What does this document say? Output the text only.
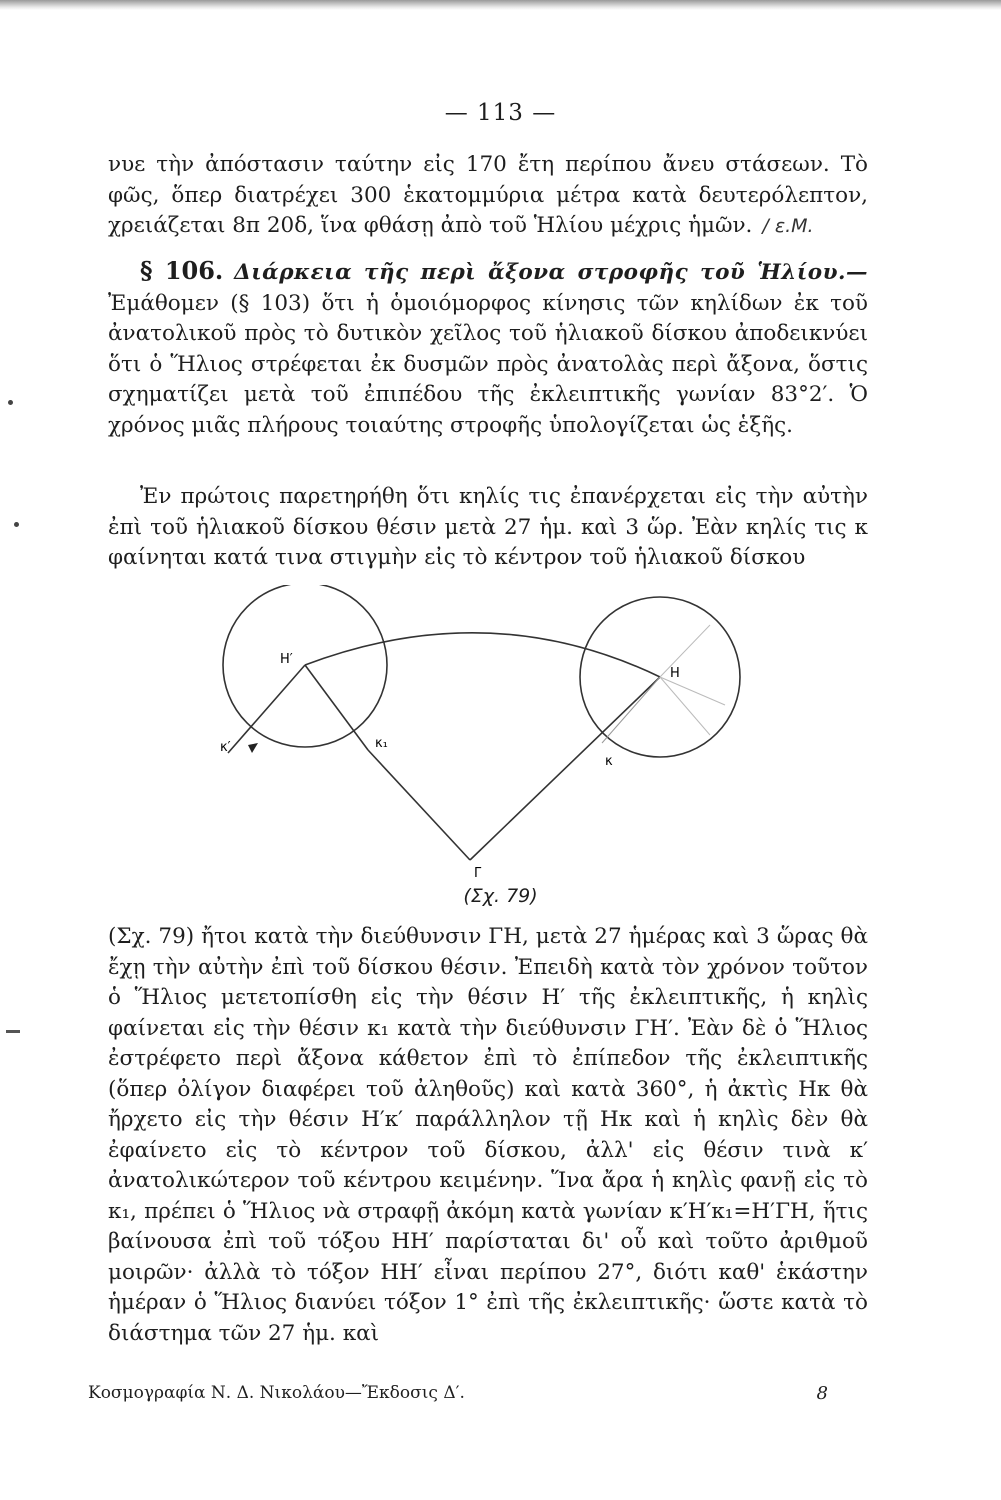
— 113 —

νυε τὴν ἀπόστασιν ταύτην εἰς 170 ἔτη περίπου ἄνευ στάσεων. Τὸ φῶς, ὅπερ διατρέχει 300 ἑκατομμύρια μέτρα κατὰ δευτερόλεπτον, χρειάζεται 8π 20δ, ἵνα φθάσῃ ἀπὸ τοῦ Ἡλίου μέχρις ἡμῶν. / ε.Μ.

§ 106. Διάρκεια τῆς περὶ ἄξονα στροφῆς τοῦ Ἡλίου.— Ἐμάθομεν (§ 103) ὅτι ἡ ὁμοιόμορφος κίνησις τῶν κηλίδων ἐκ τοῦ ἀνατολικοῦ πρὸς τὸ δυτικὸν χεῖλος τοῦ ἡλιακοῦ δίσκου ἀποδεικνύει ὅτι ὁ Ἥλιος στρέφεται ἐκ δυσμῶν πρὸς ἀνατολὰς περὶ ἄξονα, ὅστις σχηματίζει μετὰ τοῦ ἐπιπέδου τῆς ἐκλειπτικῆς γωνίαν 83°2′. Ὁ χρόνος μιᾶς πλήρους τοιαύτης στροφῆς ὑπολογίζεται ὡς ἑξῆς.

Ἐν πρώτοις παρετηρήθη ὅτι κηλίς τις ἐπανέρχεται εἰς τὴν αὐτὴν ἐπὶ τοῦ ἡλιακοῦ δίσκου θέσιν μετὰ 27 ἡμ. καὶ 3 ὥρ. Ἐὰν κηλίς τις κ φαίνηται κατά τινα στιγμὴν εἰς τὸ κέντρον τοῦ ἡλιακοῦ δίσκου

Η′
Η
κ′	κ₁
κ
Γ
(Σχ. 79)

(Σχ. 79) ἤτοι κατὰ τὴν διεύθυνσιν ΓΗ, μετὰ 27 ἡμέρας καὶ 3 ὥρας θὰ ἔχῃ τὴν αὐτὴν ἐπὶ τοῦ δίσκου θέσιν. Ἐπειδὴ κατὰ τὸν χρόνον τοῦτον ὁ Ἥλιος μετετοπίσθη εἰς τὴν θέσιν Η′ τῆς ἐκλειπτικῆς, ἡ κηλὶς φαίνεται εἰς τὴν θέσιν κ₁ κατὰ τὴν διεύθυνσιν ΓΗ′. Ἐὰν δὲ ὁ Ἥλιος ἐστρέφετο περὶ ἄξονα κάθετον ἐπὶ τὸ ἐπίπεδον τῆς ἐκλειπτικῆς (ὅπερ ὀλίγον διαφέρει τοῦ ἀληθοῦς) καὶ κατὰ 360°, ἡ ἀκτὶς Ηκ θὰ ἤρχετο εἰς τὴν θέσιν Η′κ′ παράλληλον τῇ Ηκ καὶ ἡ κηλὶς δὲν θὰ ἐφαίνετο εἰς τὸ κέντρον τοῦ δίσκου, ἀλλ' εἰς θέσιν τινὰ κ′ ἀνατολικώτερον τοῦ κέντρου κειμένην. Ἵνα ἄρα ἡ κηλὶς φανῇ εἰς τὸ κ₁, πρέπει ὁ Ἥλιος νὰ στραφῇ ἀκόμη κατὰ γωνίαν κ′Η′κ₁=Η′ΓΗ, ἥτις βαίνουσα ἐπὶ τοῦ τόξου ΗΗ′ παρίσταται δι' οὗ καὶ τοῦτο ἀριθμοῦ μοιρῶν· ἀλλὰ τὸ τόξον ΗΗ′ εἶναι περίπου 27°, διότι καθ' ἑκάστην ἡμέραν ὁ Ἥλιος διανύει τόξον 1° ἐπὶ τῆς ἐκλειπτικῆς· ὥστε κατὰ τὸ διάστημα τῶν 27 ἡμ. καὶ

Κοσμογραφία Ν. Δ. Νικολάου—Ἔκδοσις Δ′.	8
